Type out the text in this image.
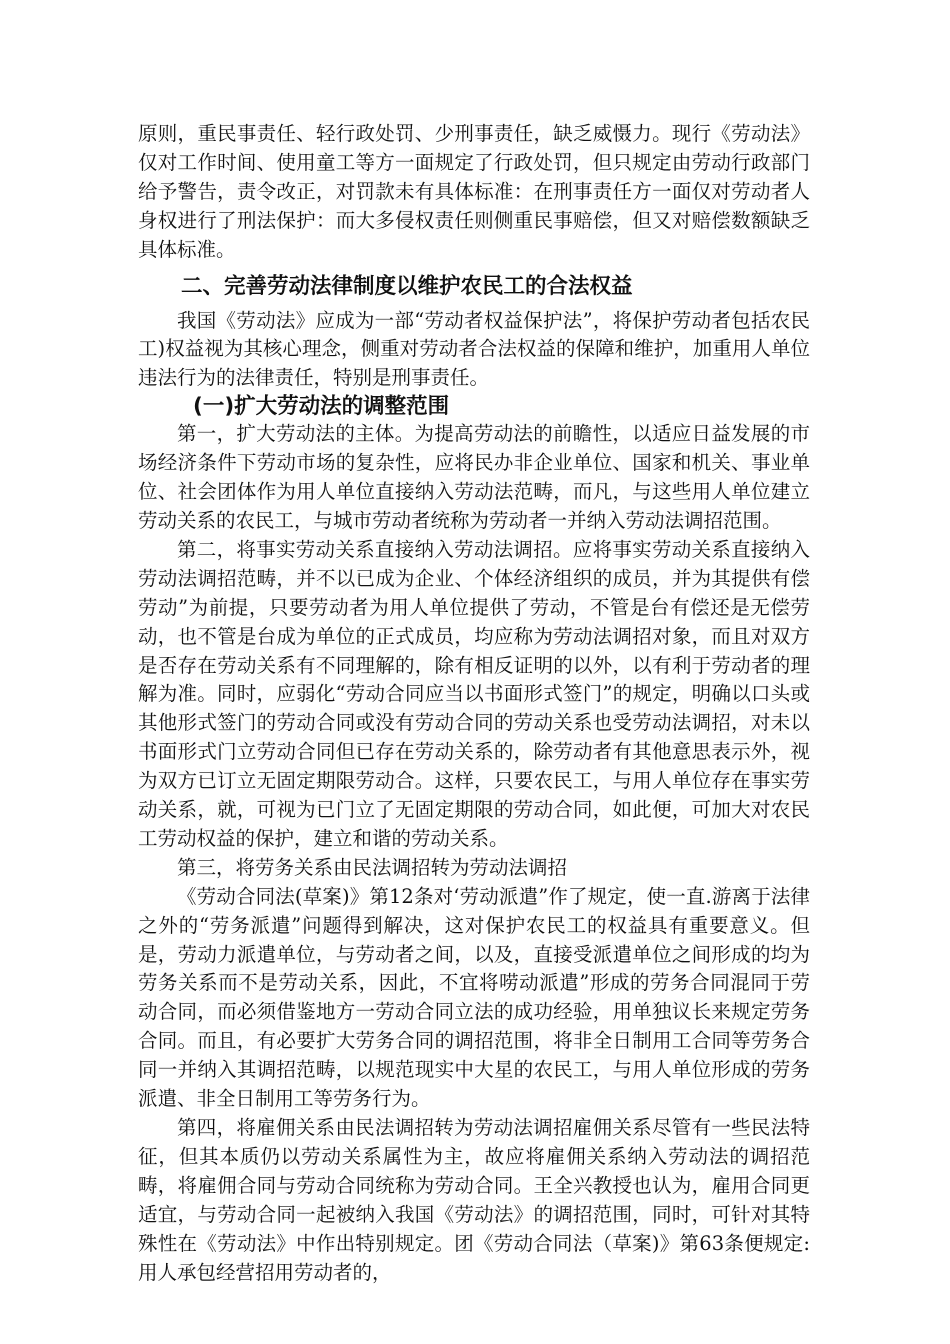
原则，重民事责任、轻行政处罚、少刑事责任，缺乏威慑力。现行《劳动法》仅对工作时间、使用童工等方一面规定了行政处罚，但只规定由劳动行政部门给予警告，责令改正，对罚款未有具体标准：在刑事责任方一面仅对劳动者人身权进行了刑法保护：而大多侵权责任则侧重民事赔偿，但又对赔偿数额缺乏具体标准。

二、完善劳动法律制度以维护农民工的合法权益

我国《劳动法》应成为一部“劳动者权益保护法”，将保护劳动者包括农民工)权益视为其核心理念，侧重对劳动者合法权益的保障和维护，加重用人单位违法行为的法律责任，特别是刑事责任。

(一)扩大劳动法的调整范围

第一，扩大劳动法的主体。为提高劳动法的前瞻性，以适应日益发展的市场经济条件下劳动市场的复杂性，应将民办非企业单位、国家和机关、事业单位、社会团体作为用人单位直接纳入劳动法范畴，而凡，与这些用人单位建立劳动关系的农民工，与城市劳动者统称为劳动者一并纳入劳动法调招范围。

第二，将事实劳动关系直接纳入劳动法调招。应将事实劳动关系直接纳入劳动法调招范畴，并不以已成为企业、个体经济组织的成员，并为其提供有偿劳动”为前提，只要劳动者为用人单位提供了劳动，不管是台有偿还是无偿劳动，也不管是台成为单位的正式成员，均应称为劳动法调招对象，而且对双方是否存在劳动关系有不同理解的，除有相反证明的以外，以有利于劳动者的理解为准。同时，应弱化“劳动合同应当以书面形式签门”的规定，明确以口头或其他形式签门的劳动合同或没有劳动合同的劳动关系也受劳动法调招，对未以书面形式门立劳动合同但已存在劳动关系的，除劳动者有其他意思表示外，视为双方已订立无固定期限劳动合。这样，只要农民工，与用人单位存在事实劳动关系，就，可视为已门立了无固定期限的劳动合同，如此便，可加大对农民工劳动权益的保护，建立和谐的劳动关系。

第三，将劳务关系由民法调招转为劳动法调招

《劳动合同法(草案)》第12条对‘劳动派遣”作了规定，使一直.游离于法律之外的“劳务派遣”问题得到解决，这对保护农民工的权益具有重要意义。但是，劳动力派遣单位，与劳动者之间，以及，直接受派遣单位之间形成的均为劳务关系而不是劳动关系，因此，不宜将唠动派遣”形成的劳务合同混同于劳动合同，而必须借鉴地方一劳动合同立法的成功经验，用单独议长来规定劳务合同。而且，有必要扩大劳务合同的调招范围，将非全日制用工合同等劳务合同一并纳入其调招范畴，以规范现实中大星的农民工，与用人单位形成的劳务派遣、非全日制用工等劳务行为。

第四，将雇佣关系由民法调招转为劳动法调招雇佣关系尽管有一些民法特征，但其本质仍以劳动关系属性为主，故应将雇佣关系纳入劳动法的调招范畴，将雇佣合同与劳动合同统称为劳动合同。王全兴教授也认为，雇用合同更适宜，与劳动合同一起被纳入我国《劳动法》的调招范围，同时，可针对其特殊性在《劳动法》中作出特别规定。团《劳动合同法（草案)》第63条便规定:用人承包经营招用劳动者的，
